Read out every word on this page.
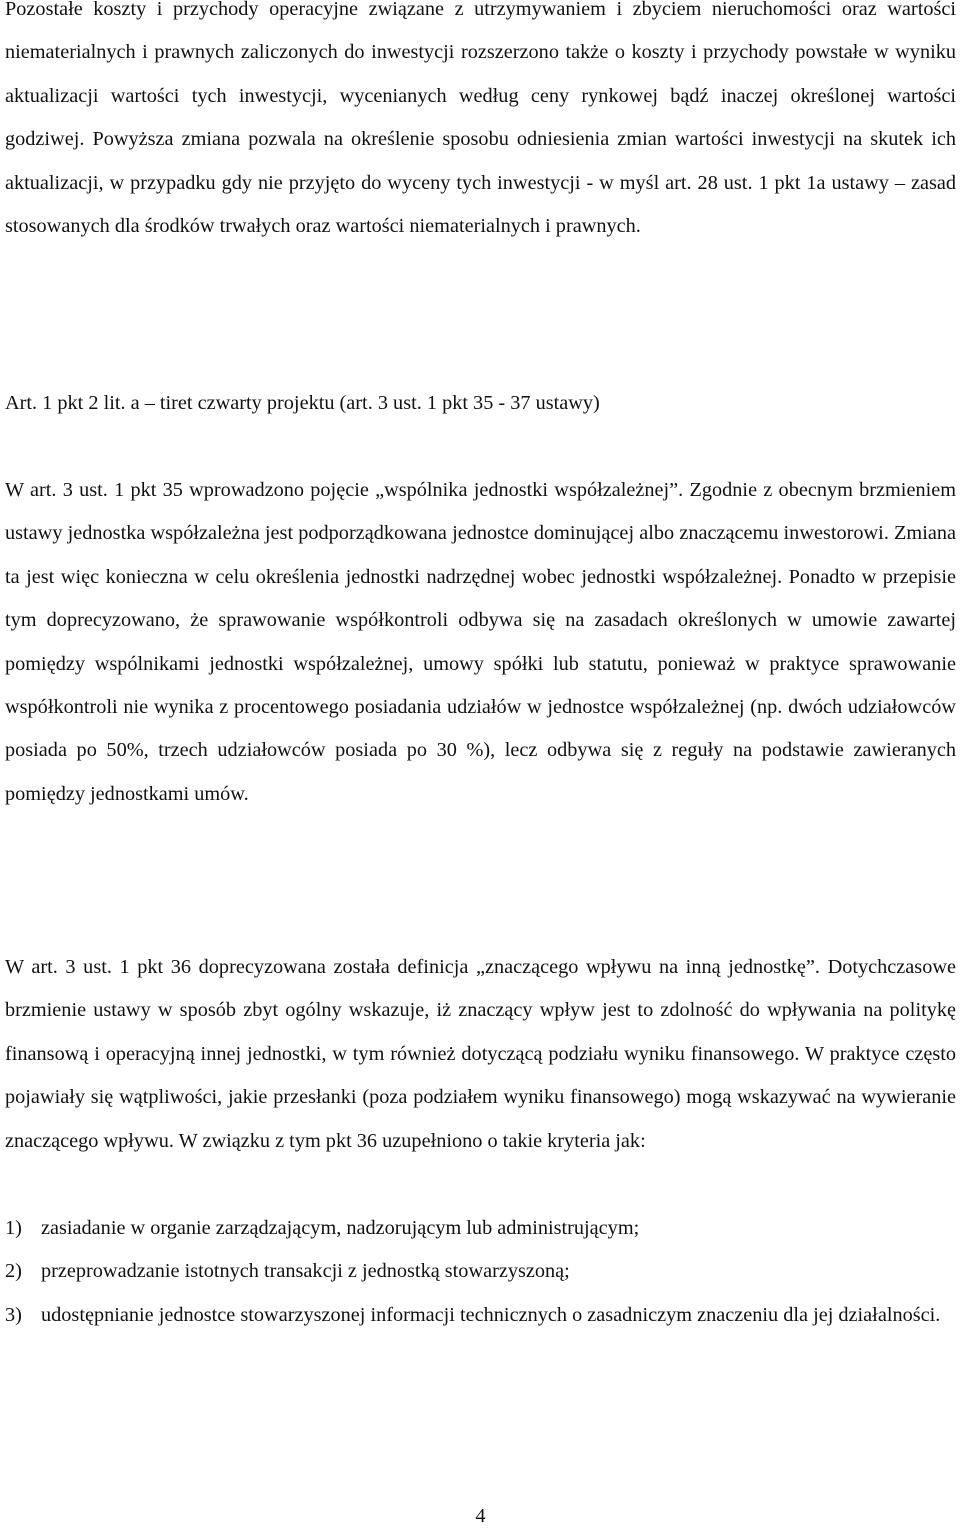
Pozostałe koszty i przychody operacyjne związane z utrzymywaniem i zbyciem nieruchomości oraz wartości niematerialnych i prawnych zaliczonych do inwestycji rozszerzono także o koszty i przychody powstałe w wyniku aktualizacji wartości tych inwestycji, wycenianych według ceny rynkowej bądź inaczej określonej wartości godziwej. Powyższa zmiana pozwala na określenie sposobu odniesienia zmian wartości inwestycji na skutek ich aktualizacji, w przypadku gdy nie przyjęto do wyceny tych inwestycji - w myśl art. 28 ust. 1 pkt 1a ustawy – zasad stosowanych dla środków trwałych oraz wartości niematerialnych i prawnych.

Art. 1 pkt 2 lit. a – tiret czwarty projektu (art. 3 ust. 1 pkt 35 - 37 ustawy)

W art. 3 ust. 1 pkt 35 wprowadzono pojęcie „wspólnika jednostki współzależnej”. Zgodnie z obecnym brzmieniem ustawy jednostka współzależna jest podporządkowana jednostce dominującej albo znaczącemu inwestorowi. Zmiana ta jest więc konieczna w celu określenia jednostki nadrzędnej wobec jednostki współzależnej. Ponadto w przepisie tym doprecyzowano, że sprawowanie współkontroli odbywa się na zasadach określonych w umowie zawartej pomiędzy wspólnikami jednostki współzależnej, umowy spółki lub statutu, ponieważ w praktyce sprawowanie współkontroli nie wynika z procentowego posiadania udziałów w jednostce współzależnej (np. dwóch udziałowców posiada po 50%, trzech udziałowców posiada po 30 %), lecz odbywa się z reguły na podstawie zawieranych pomiędzy jednostkami umów.

W art. 3 ust. 1 pkt 36 doprecyzowana została definicja „znaczącego wpływu na inną jednostkę”. Dotychczasowe brzmienie ustawy w sposób zbyt ogólny wskazuje, iż znaczący wpływ jest to zdolność do wpływania na politykę finansową i operacyjną innej jednostki, w tym również dotyczącą podziału wyniku finansowego. W praktyce często pojawiały się wątpliwości, jakie przesłanki (poza podziałem wyniku finansowego) mogą wskazywać na wywieranie znaczącego wpływu. W związku z tym pkt 36 uzupełniono o takie kryteria jak:

1) zasiadanie w organie zarządzającym, nadzorującym lub administrującym;
2) przeprowadzanie istotnych transakcji z jednostką stowarzyszoną;
3) udostępnianie jednostce stowarzyszonej informacji technicznych o zasadniczym znaczeniu dla jej działalności.
4
